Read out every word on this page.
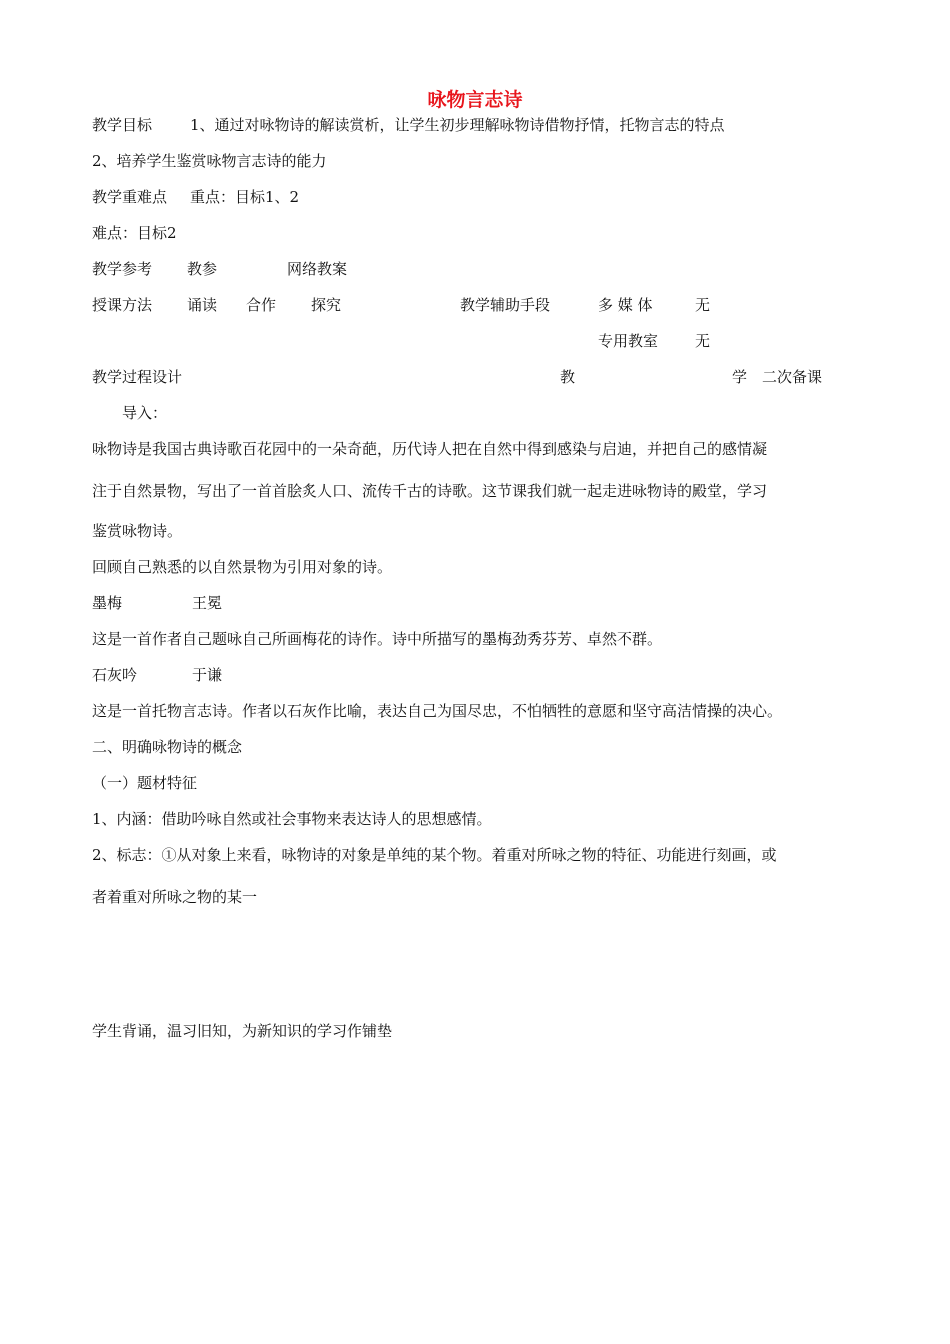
咏物言志诗
教学目标	1、通过对咏物诗的解读赏析，让学生初步理解咏物诗借物抒情，托物言志的特点
2、培养学生鉴赏咏物言志诗的能力
教学重难点 重点：目标1、2
难点：目标2
教学参考 教参	网络教案
授课方法 诵读 合作 探究	教学辅助手段	多 媒 体	无
专用教室 无
教学过程设计	教	学 二次备课
导入：
咏物诗是我国古典诗歌百花园中的一朵奇葩，历代诗人把在自然中得到感染与启迪，并把自己的感情凝
注于自然景物，写出了一首首脍炙人口、流传千古的诗歌。这节课我们就一起走进咏物诗的殿堂，学习
鉴赏咏物诗。
回顾自己熟悉的以自然景物为引用对象的诗。
墨梅	王冕
这是一首作者自己题咏自己所画梅花的诗作。诗中所描写的墨梅劲秀芬芳、卓然不群。
石灰吟	于谦
这是一首托物言志诗。作者以石灰作比喻，表达自己为国尽忠，不怕牺牲的意愿和坚守高洁情操的决心。
二、明确咏物诗的概念
（一）题材特征
1、内涵：借助吟咏自然或社会事物来表达诗人的思想感情。
2、标志：①从对象上来看，咏物诗的对象是单纯的某个物。着重对所咏之物的特征、功能进行刻画，或
者着重对所咏之物的某一
学生背诵，温习旧知，为新知识的学习作铺垫
